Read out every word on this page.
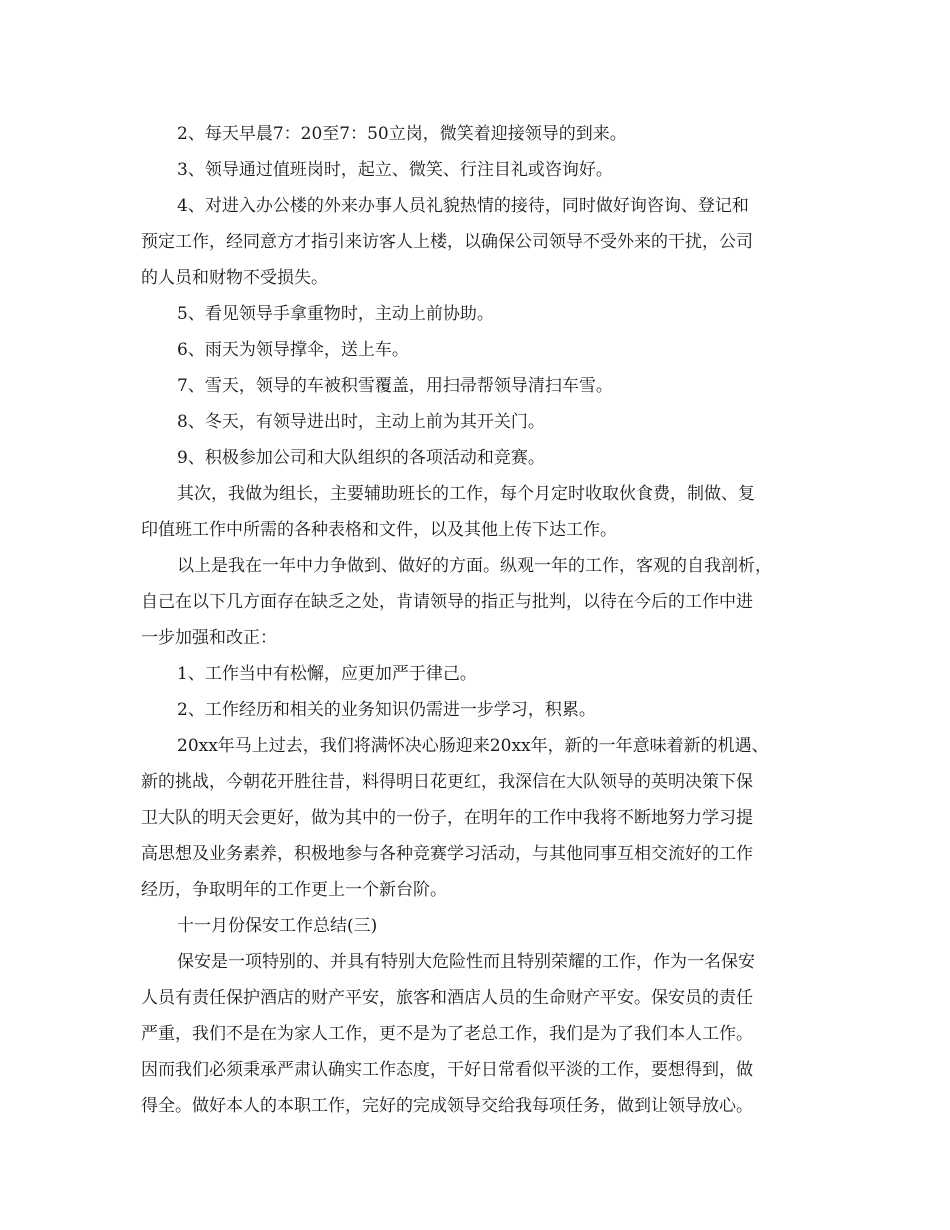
2、每天早晨7：20至7：50立岗，微笑着迎接领导的到来。
3、领导通过值班岗时，起立、微笑、行注目礼或咨询好。
4、对进入办公楼的外来办事人员礼貌热情的接待，同时做好询咨询、登记和
预定工作，经同意方才指引来访客人上楼，以确保公司领导不受外来的干扰，公司
的人员和财物不受损失。
5、看见领导手拿重物时，主动上前协助。
6、雨天为领导撑伞，送上车。
7、雪天，领导的车被积雪覆盖，用扫帚帮领导清扫车雪。
8、冬天，有领导进出时，主动上前为其开关门。
9、积极参加公司和大队组织的各项活动和竞赛。
其次，我做为组长，主要辅助班长的工作，每个月定时收取伙食费，制做、复
印值班工作中所需的各种表格和文件，以及其他上传下达工作。
以上是我在一年中力争做到、做好的方面。纵观一年的工作，客观的自我剖析，
自己在以下几方面存在缺乏之处，肯请领导的指正与批判，以待在今后的工作中进
一步加强和改正：
1、工作当中有松懈，应更加严于律己。
2、工作经历和相关的业务知识仍需进一步学习，积累。
20xx年马上过去，我们将满怀决心肠迎来20xx年，新的一年意味着新的机遇、
新的挑战，今朝花开胜往昔，料得明日花更红，我深信在大队领导的英明决策下保
卫大队的明天会更好，做为其中的一份子，在明年的工作中我将不断地努力学习提
高思想及业务素养，积极地参与各种竞赛学习活动，与其他同事互相交流好的工作
经历，争取明年的工作更上一个新台阶。
十一月份保安工作总结(三)
保安是一项特别的、并具有特别大危险性而且特别荣耀的工作，作为一名保安
人员有责任保护酒店的财产平安，旅客和酒店人员的生命财产平安。保安员的责任
严重，我们不是在为家人工作，更不是为了老总工作，我们是为了我们本人工作。
因而我们必须秉承严肃认确实工作态度，干好日常看似平淡的工作，要想得到，做
得全。做好本人的本职工作，完好的完成领导交给我每项任务，做到让领导放心。
